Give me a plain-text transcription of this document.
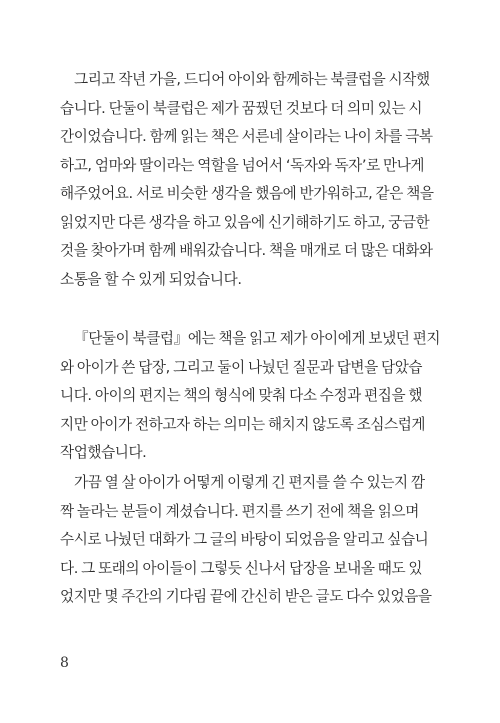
그리고 작년 가을, 드디어 아이와 함께하는 북클럽을 시작했
습니다. 단둘이 북클럽은 제가 꿈꿨던 것보다 더 의미 있는 시
간이었습니다. 함께 읽는 책은 서른네 살이라는 나이 차를 극복
하고, 엄마와 딸이라는 역할을 넘어서 ‘독자와 독자’로 만나게
해주었어요. 서로 비슷한 생각을 했음에 반가워하고, 같은 책을
읽었지만 다른 생각을 하고 있음에 신기해하기도 하고, 궁금한
것을 찾아가며 함께 배워갔습니다. 책을 매개로 더 많은 대화와
소통을 할 수 있게 되었습니다.
『단둘이 북클럽』에는 책을 읽고 제가 아이에게 보냈던 편지
와 아이가 쓴 답장, 그리고 둘이 나눴던 질문과 답변을 담았습
니다. 아이의 편지는 책의 형식에 맞춰 다소 수정과 편집을 했
지만 아이가 전하고자 하는 의미는 해치지 않도록 조심스럽게
작업했습니다.
가끔 열 살 아이가 어떻게 이렇게 긴 편지를 쓸 수 있는지 깜
짝 놀라는 분들이 계셨습니다. 편지를 쓰기 전에 책을 읽으며
수시로 나눴던 대화가 그 글의 바탕이 되었음을 알리고 싶습니
다. 그 또래의 아이들이 그렇듯 신나서 답장을 보내올 때도 있
었지만 몇 주간의 기다림 끝에 간신히 받은 글도 다수 있었음을
8
